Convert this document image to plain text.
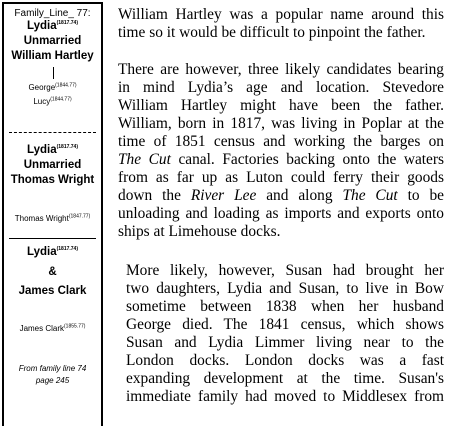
Family_Line_ 77:
Lydia$^{(1817.74)}$
Unmarried
William Hartley
George$^{(1844.77)}$
Lucy$^{(1844.77)}$
Lydia$^{(1817.74)}$
Unmarried
Thomas Wright
Thomas Wright$^{(1847.77)}$
Lydia$^{(1817.74)}$
&
James Clark
James Clark$^{(1855.77)}$
From family line 74
page 245

William Hartley was a popular name around this

time so it would be difficult to pinpoint the father.

There are however, three likely candidates bearing

in mind Lydia’s age and location. Stevedore

William Hartley might have been the father.

William, born in 1817, was living in Poplar at the

time of 1851 census and working the barges on

The Cut canal. Factories backing onto the waters

from as far up as Luton could ferry their goods

down the River Lee and along The Cut to be

unloading and loading as imports and exports onto

ships at Limehouse docks.

More likely, however, Susan had brought her

two daughters, Lydia and Susan, to live in Bow

sometime between 1838 when her husband

George died. The 1841 census, which shows

Susan and Lydia Limmer living near to the

London docks. London docks was a fast

expanding development at the time. Susan's

immediate family had moved to Middlesex from
